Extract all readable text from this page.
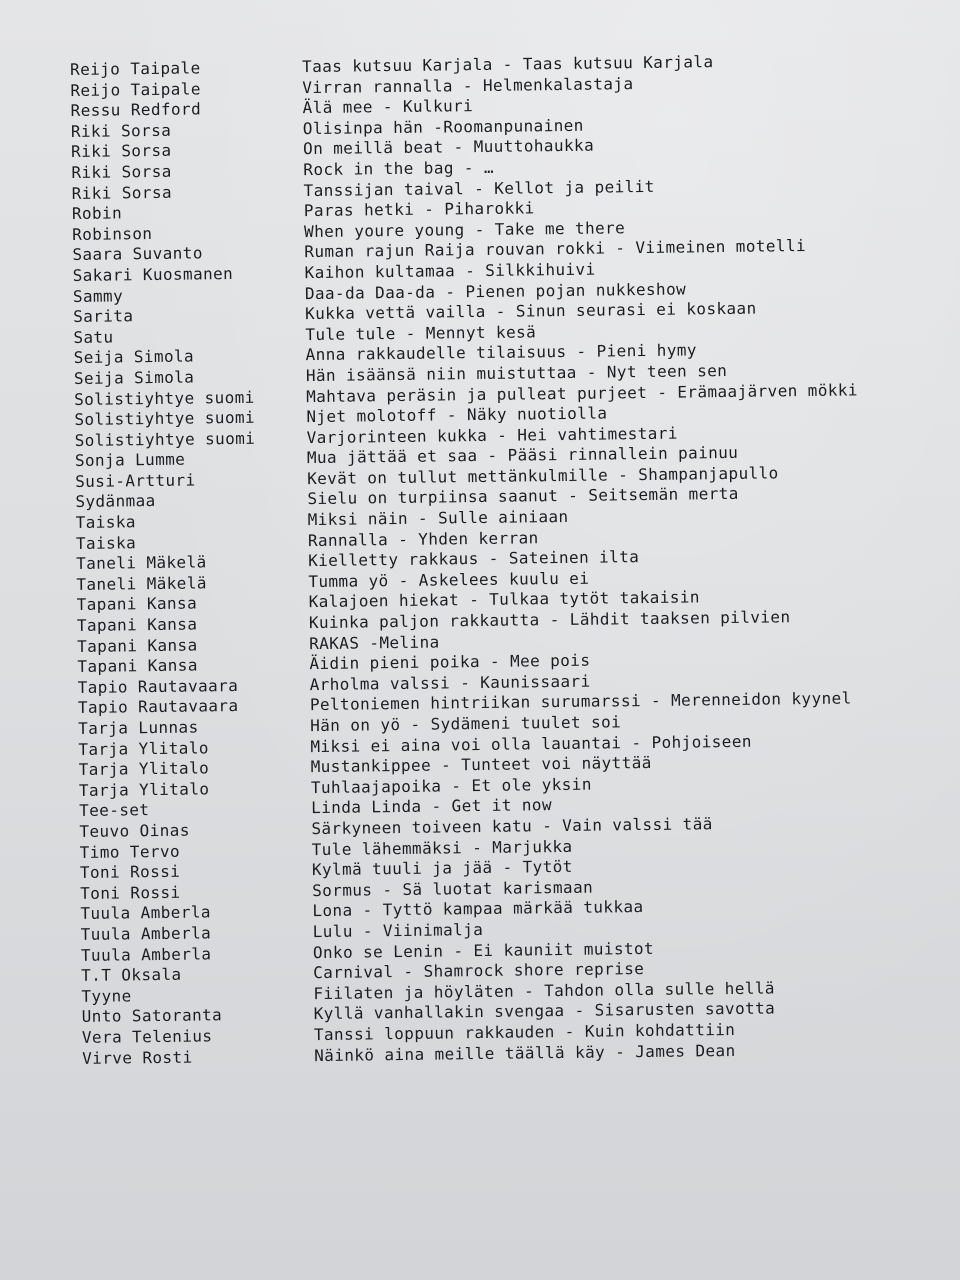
Reijo Taipale	Taas kutsuu Karjala - Taas kutsuu Karjala
Reijo Taipale	Virran rannalla - Helmenkalastaja
Ressu Redford	Älä mee - Kulkuri
Riki Sorsa	Olisinpa hän -Roomanpunainen
Riki Sorsa	On meillä beat - Muuttohaukka
Riki Sorsa	Rock in the bag - …
Riki Sorsa	Tanssijan taival - Kellot ja peilit
Robin	Paras hetki - Piharokki
Robinson	When youre young - Take me there
Saara Suvanto	Ruman rajun Raija rouvan rokki - Viimeinen motelli
Sakari Kuosmanen	Kaihon kultamaa - Silkkihuivi
Sammy	Daa-da Daa-da - Pienen pojan nukkeshow
Sarita	Kukka vettä vailla - Sinun seurasi ei koskaan
Satu	Tule tule - Mennyt kesä
Seija Simola	Anna rakkaudelle tilaisuus - Pieni hymy
Seija Simola	Hän isäänsä niin muistuttaa - Nyt teen sen
Solistiyhtye suomi	Mahtava peräsin ja pulleat purjeet - Erämaajärven mökki
Solistiyhtye suomi	Njet molotoff - Näky nuotiolla
Solistiyhtye suomi	Varjorinteen kukka - Hei vahtimestari
Sonja Lumme	Mua jättää et saa - Pääsi rinnallein painuu
Susi-Artturi	Kevät on tullut mettänkulmille - Shampanjapullo
Sydänmaa	Sielu on turpiinsa saanut - Seitsemän merta
Taiska	Miksi näin - Sulle ainiaan
Taiska	Rannalla - Yhden kerran
Taneli Mäkelä	Kielletty rakkaus - Sateinen ilta
Taneli Mäkelä	Tumma yö - Askelees kuulu ei
Tapani Kansa	Kalajoen hiekat - Tulkaa tytöt takaisin
Tapani Kansa	Kuinka paljon rakkautta - Lähdit taaksen pilvien
Tapani Kansa	RAKAS -Melina
Tapani Kansa	Äidin pieni poika - Mee pois
Tapio Rautavaara	Arholma valssi - Kaunissaari
Tapio Rautavaara	Peltoniemen hintriikan surumarssi - Merenneidon kyynel
Tarja Lunnas	Hän on yö - Sydämeni tuulet soi
Tarja Ylitalo	Miksi ei aina voi olla lauantai - Pohjoiseen
Tarja Ylitalo	Mustankippee - Tunteet voi näyttää
Tarja Ylitalo	Tuhlaajapoika - Et ole yksin
Tee-set	Linda Linda - Get it now
Teuvo Oinas	Särkyneen toiveen katu - Vain valssi tää
Timo Tervo	Tule lähemmäksi - Marjukka
Toni Rossi	Kylmä tuuli ja jää - Tytöt
Toni Rossi	Sormus - Sä luotat karismaan
Tuula Amberla	Lona - Tyttö kampaa märkää tukkaa
Tuula Amberla	Lulu - Viinimalja
Tuula Amberla	Onko se Lenin - Ei kauniit muistot
T.T Oksala	Carnival - Shamrock shore reprise
Tyyne	Fiilaten ja höyläten - Tahdon olla sulle hellä
Unto Satoranta	Kyllä vanhallakin svengaa - Sisarusten savotta
Vera Telenius	Tanssi loppuun rakkauden - Kuin kohdattiin
Virve Rosti	Näinkö aina meille täällä käy - James Dean
